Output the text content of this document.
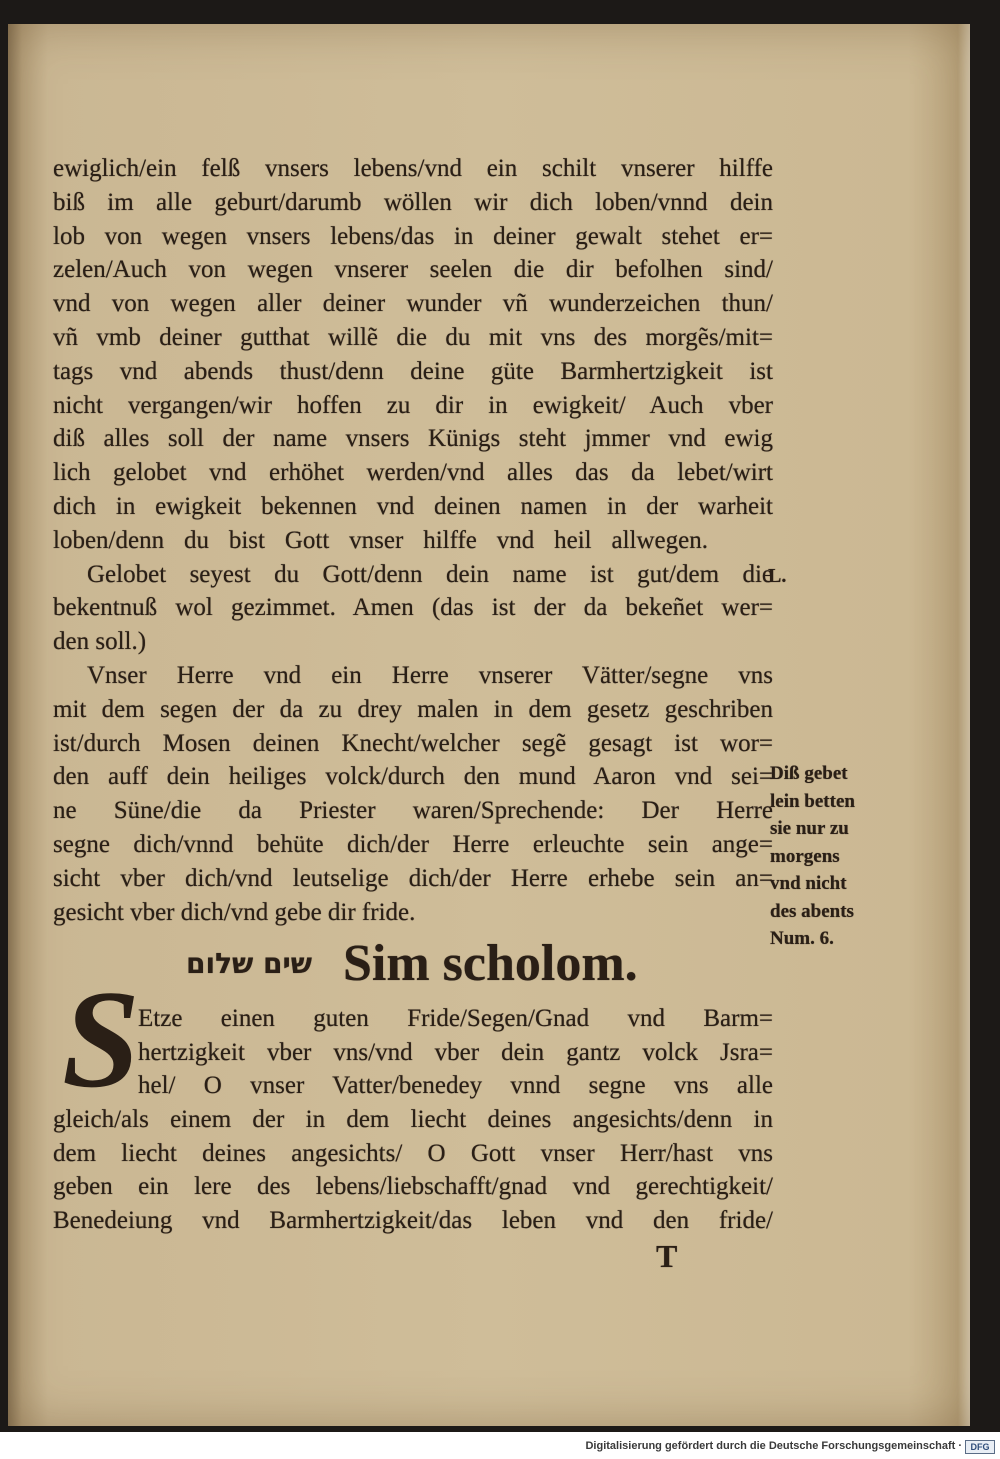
ewiglich/ein felß vnsers lebens/vnd ein schilt vnserer hilffe
biß im alle geburt/darumb wöllen wir dich loben/vnnd dein
lob von wegen vnsers lebens/das in deiner gewalt stehet er=
zelen/Auch von wegen vnserer seelen die dir befolhen sind/
vnd von wegen aller deiner wunder vñ wunderzeichen thun/
vñ vmb deiner gutthat willẽ die du mit vns des morgẽs/mit=
tags vnd abends thust/denn deine güte Barmhertzigkeit ist
nicht vergangen/wir hoffen zu dir in ewigkeit/ Auch vber
diß alles soll der name vnsers Künigs steht jmmer vnd ewig
lich gelobet vnd erhöhet werden/vnd alles das da lebet/wirt
dich in ewigkeit bekennen vnd deinen namen in der warheit
loben/denn du bist Gott vnser hilffe vnd heil allwegen.
Gelobet seyest du Gott/denn dein name ist gut/dem die
bekentnuß wol gezimmet. Amen (das ist der da bekeñet wer=
den soll.)
Vnser Herre vnd ein Herre vnserer Vätter/segne vns
mit dem segen der da zu drey malen in dem gesetz geschriben
ist/durch Mosen deinen Knecht/welcher segẽ gesagt ist wor=
den auff dein heiliges volck/durch den mund Aaron vnd sei=
ne Süne/die da Priester waren/Sprechende: Der Herre
segne dich/vnnd behüte dich/der Herre erleuchte sein ange=
sicht vber dich/vnd leutselige dich/der Herre erhebe sein an=
gesicht vber dich/vnd gebe dir fride.
L.
Diß gebet
lein betten
sie nur zu
morgens
vnd nicht
des abents
Num. 6.
שים שלום Sim scholom.
S
Etze einen guten Fride/Segen/Gnad vnd Barm=
hertzigkeit vber vns/vnd vber dein gantz volck Jsra=
hel/ O vnser Vatter/benedey vnnd segne vns alle
gleich/als einem der in dem liecht deines angesichts/denn in
dem liecht deines angesichts/ O Gott vnser Herr/hast vns
geben ein lere des lebens/liebschafft/gnad vnd gerechtigkeit/
Benedeiung vnd Barmhertzigkeit/das leben vnd den fride/
T
Digitalisierung gefördert durch die Deutsche Forschungsgemeinschaft · DFG
